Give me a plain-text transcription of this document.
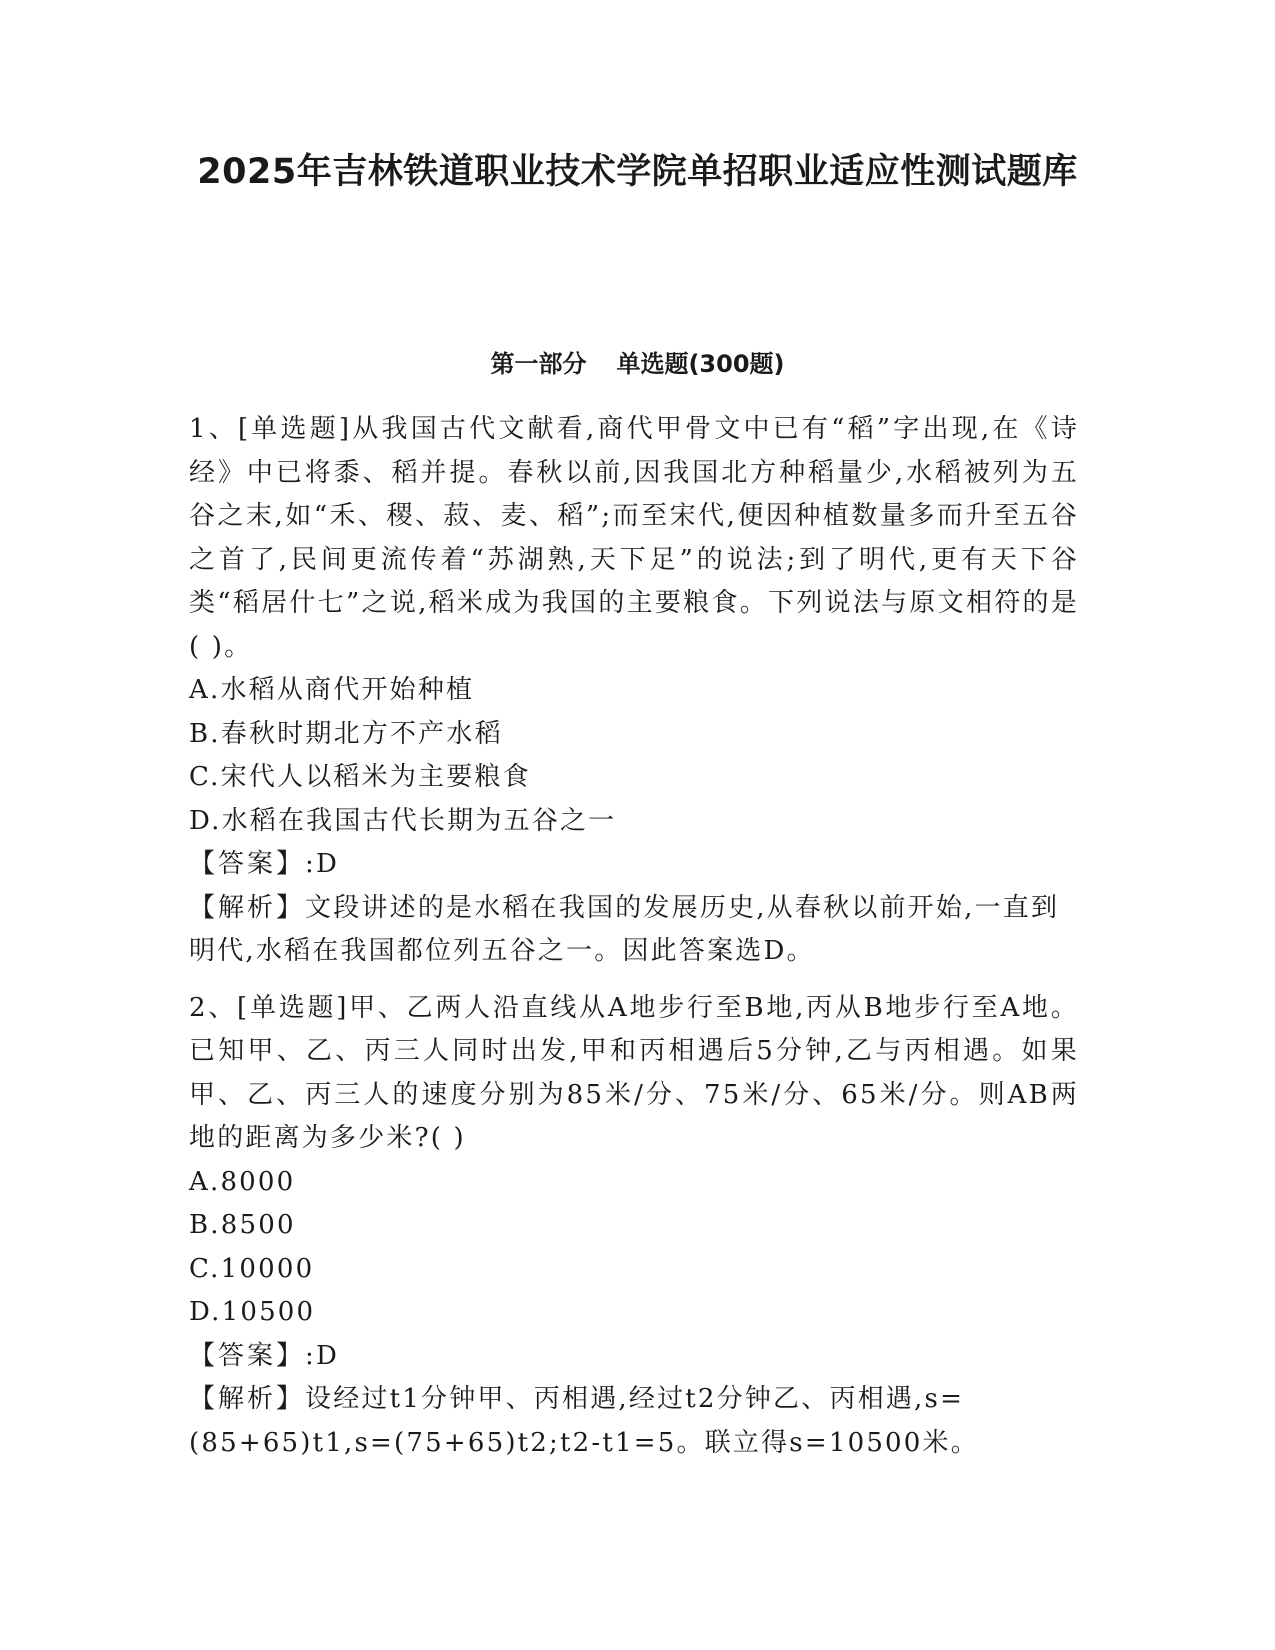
2025年吉林铁道职业技术学院单招职业适应性测试题库
第一部分 单选题(300题)

1、[单选题]从我国古代文献看,商代甲骨文中已有“稻”字出现,在《诗经》中已将黍、稻并提。春秋以前,因我国北方种稻量少,水稻被列为五谷之末,如“禾、稷、菽、麦、稻”;而至宋代,便因种植数量多而升至五谷之首了,民间更流传着“苏湖熟,天下足”的说法;到了明代,更有天下谷类“稻居什七”之说,稻米成为我国的主要粮食。下列说法与原文相符的是( )。

A.水稻从商代开始种植
B.春秋时期北方不产水稻
C.宋代人以稻米为主要粮食
D.水稻在我国古代长期为五谷之一

【答案】:D

【解析】文段讲述的是水稻在我国的发展历史,从春秋以前开始,一直到明代,水稻在我国都位列五谷之一。因此答案选D。

2、[单选题]甲、乙两人沿直线从A地步行至B地,丙从B地步行至A地。已知甲、乙、丙三人同时出发,甲和丙相遇后5分钟,乙与丙相遇。如果甲、乙、丙三人的速度分别为85米/分、75米/分、65米/分。则AB两地的距离为多少米?( )

A.8000
B.8500
C.10000
D.10500

【答案】:D

【解析】设经过t1分钟甲、丙相遇,经过t2分钟乙、丙相遇,s=(85+65)t1,s=(75+65)t2;t2-t1=5。联立得s=10500米。
